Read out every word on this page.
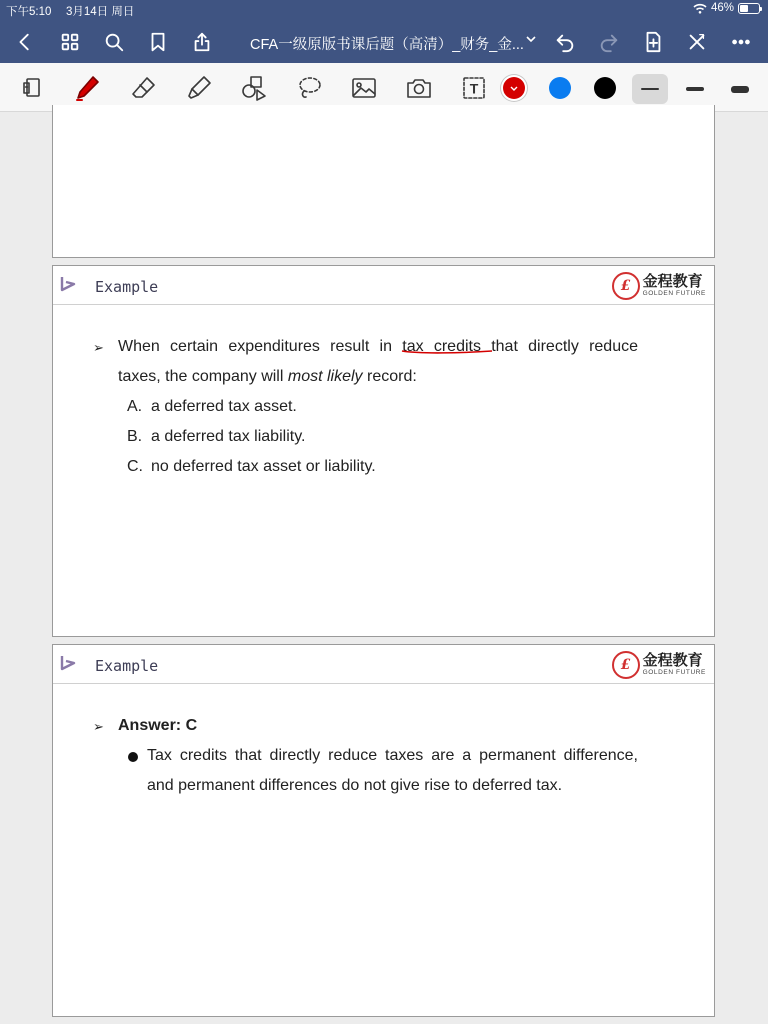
下午5:10 3月14日 周日	46%
CFA一级原版书课后题（高清）_财务_金...
T
Example	£ 金程教育
GOLDEN FUTURE
➢ When certain expenditures result in tax credits that directly reduce
taxes, the company will most likely record:
A. a deferred tax asset.
B. a deferred tax liability.
C. no deferred tax asset or liability.
Example	£ 金程教育
GOLDEN FUTURE
➢ Answer: C
Tax credits that directly reduce taxes are a permanent difference,
and permanent differences do not give rise to deferred tax.
